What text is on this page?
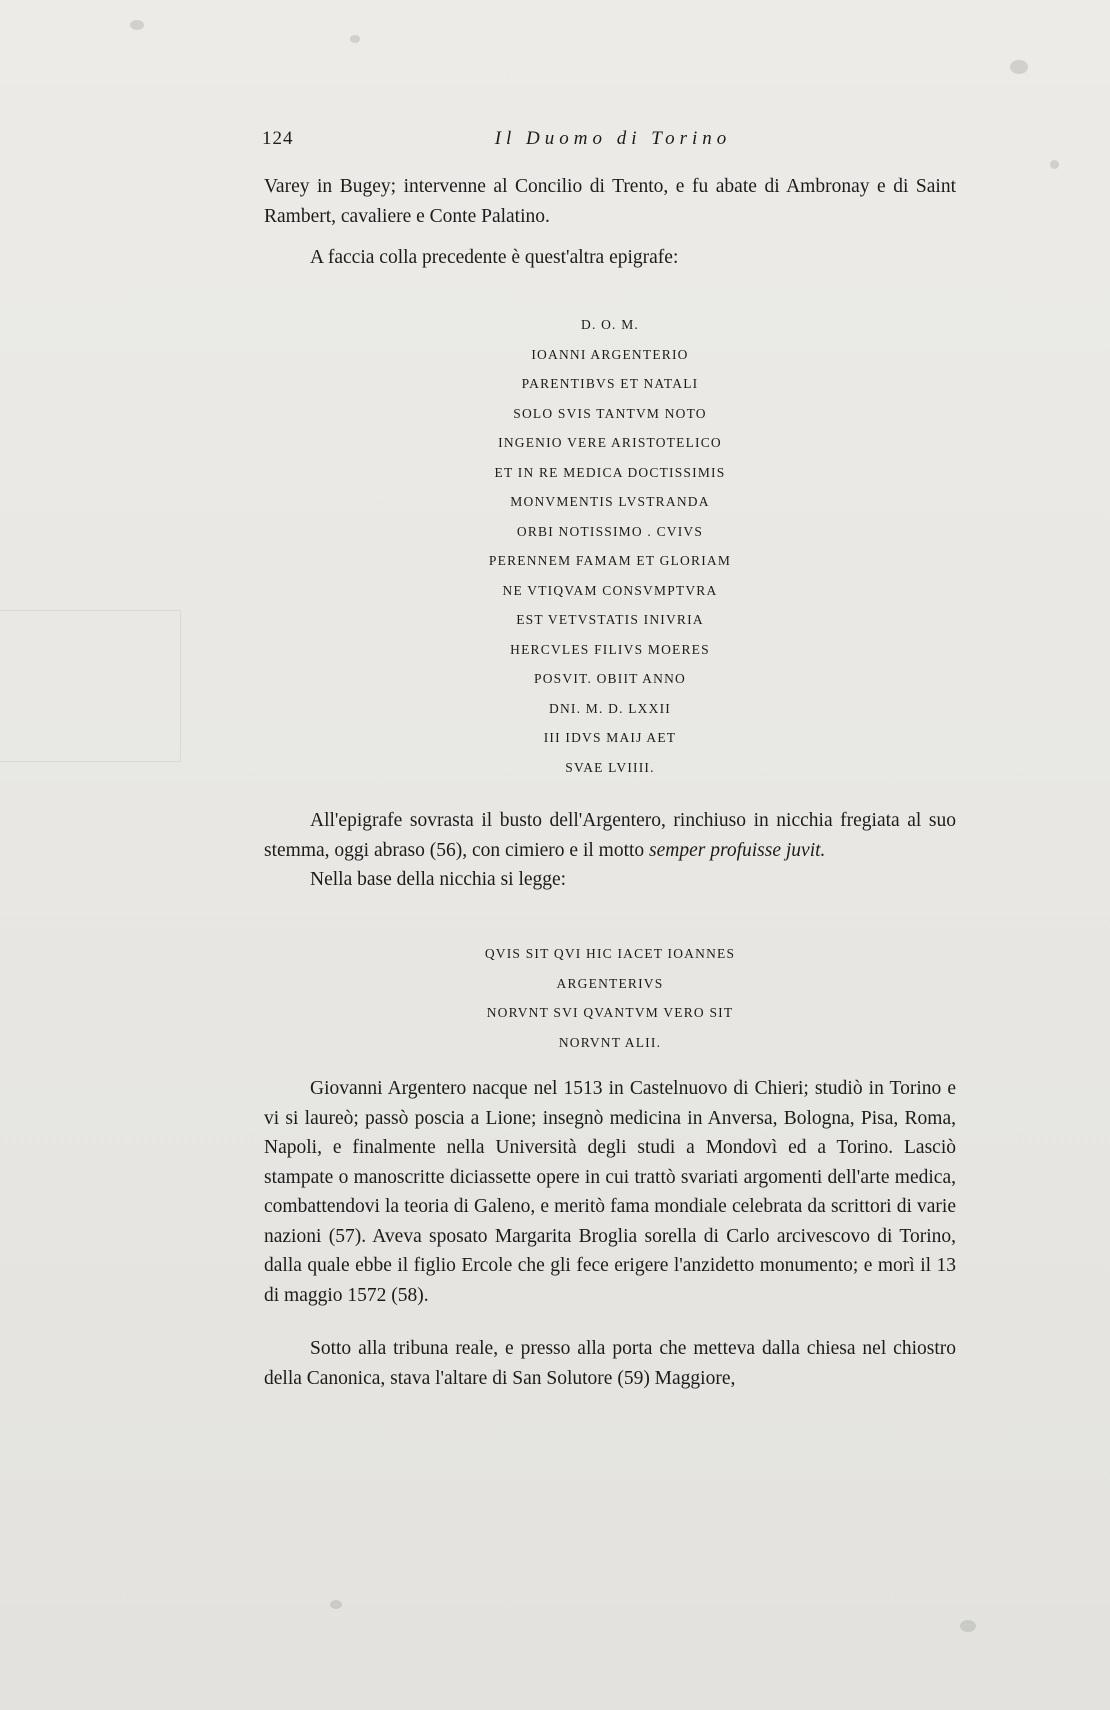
124	Il Duomo di Torino

Varey in Bugey; intervenne al Concilio di Trento, e fu abate di Ambronay e di Saint Rambert, cavaliere e Conte Palatino.

A faccia colla precedente è quest'altra epigrafe:

D. O. M.
IOANNI ARGENTERIO
PARENTIBVS ET NATALI
SOLO SVIS TANTVM NOTO
INGENIO VERE ARISTOTELICO
ET IN RE MEDICA DOCTISSIMIS
MONVMENTIS LVSTRANDA
ORBI NOTISSIMO . CVIVS
PERENNEM FAMAM ET GLORIAM
NE VTIQVAM CONSVMPTVRA
EST VETVSTATIS INIVRIA
HERCVLES FILIVS MOERES
POSVIT. OBIIT ANNO
DNI. M. D. LXXII
III IDVS MAIJ AET
SVAE LVIIII.

All'epigrafe sovrasta il busto dell'Argentero, rinchiuso in nicchia fregiata al suo stemma, oggi abraso (56), con cimiero e il motto semper profuisse juvit.

Nella base della nicchia si legge:

QVIS SIT QVI HIC IACET IOANNES
ARGENTERIVS
NORVNT SVI QVANTVM VERO SIT
NORVNT ALII.

Giovanni Argentero nacque nel 1513 in Castelnuovo di Chieri; studiò in Torino e vi si laureò; passò poscia a Lione; insegnò medicina in Anversa, Bologna, Pisa, Roma, Napoli, e finalmente nella Università degli studi a Mondovì ed a Torino. Lasciò stampate o manoscritte diciassette opere in cui trattò svariati argomenti dell'arte medica, combattendovi la teoria di Galeno, e meritò fama mondiale celebrata da scrittori di varie nazioni (57). Aveva sposato Margarita Broglia sorella di Carlo arcivescovo di Torino, dalla quale ebbe il figlio Ercole che gli fece erigere l'anzidetto monumento; e morì il 13 di maggio 1572 (58).

Sotto alla tribuna reale, e presso alla porta che metteva dalla chiesa nel chiostro della Canonica, stava l'altare di San Solutore (59) Maggiore,
